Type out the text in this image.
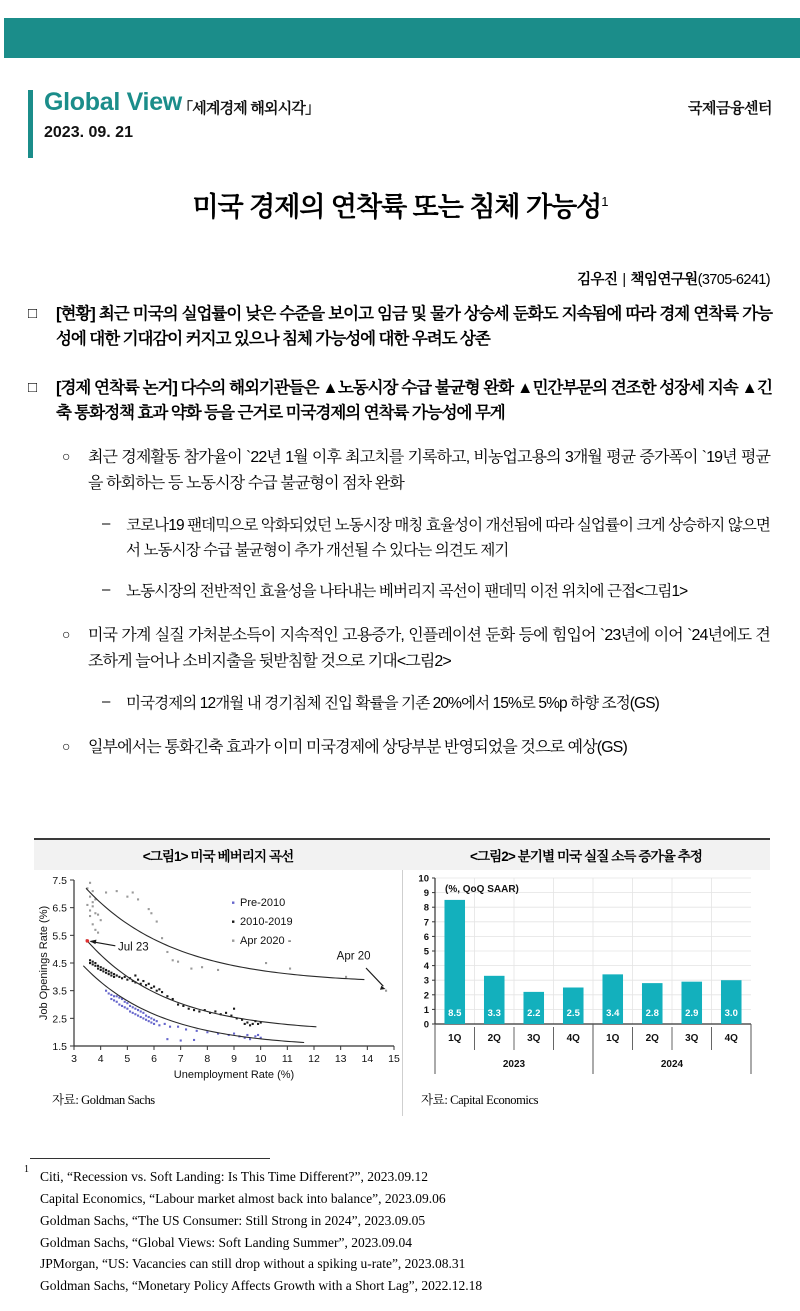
Global View
「세계경제 해외시각」
2023. 09. 21
국제금융센터
미국 경제의 연착륙 또는 침체 가능성$^1$
김우진 | 책임연구원(3705-6241)
□ [현황] 최근 미국의 실업률이 낮은 수준을 보이고 임금 및 물가 상승세 둔화도 지속됨에 따라 경제 연착륙 가능성에 대한 기대감이 커지고 있으나 침체 가능성에 대한 우려도 상존
□ [경제 연착륙 논거] 다수의 해외기관들은 ▲노동시장 수급 불균형 완화 ▲민간부문의 견조한 성장세 지속 ▲긴축 통화정책 효과 약화 등을 근거로 미국경제의 연착륙 가능성에 무게
○ 최근 경제활동 참가율이 `22년 1월 이후 최고치를 기록하고, 비농업고용의 3개월 평균 증가폭이 `19년 평균을 하회하는 등 노동시장 수급 불균형이 점차 완화
– 코로나19 팬데믹으로 악화되었던 노동시장 매칭 효율성이 개선됨에 따라 실업률이 크게 상승하지 않으면서 노동시장 수급 불균형이 추가 개선될 수 있다는 의견도 제기
– 노동시장의 전반적인 효율성을 나타내는 베버리지 곡선이 팬데믹 이전 위치에 근접<그림1>
○ 미국 가계 실질 가처분소득이 지속적인 고용증가, 인플레이션 둔화 등에 힘입어 `23년에 이어 `24년에도 견조하게 늘어나 소비지출을 뒷받침할 것으로 기대<그림2>
– 미국경제의 12개월 내 경기침체 진입 확률을 기존 20%에서 15%로 5%p 하향 조정(GS)
○ 일부에서는 통화긴축 효과가 이미 미국경제에 상당부분 반영되었을 것으로 예상(GS)
<그림1> 미국 베버리지 곡선	<그림2> 분기별 미국 실질 소득 증가율 추정
1.5
2.5
3.5
4.5
5.5
6.5
7.5
3 4 5 6 7 8 9 10 11 12 13 14 15
Unemployment Rate (%)
Job Openings Rate (%)
Pre-2010
2010-2019
Apr 2020 -
Jul 23
Apr 20
자료: Goldman Sachs
0
1
2
3
4
5
6
7
8
9
10
(%, QoQ SAAR)
8.5	3.3	2.2	2.5	3.4	2.8	2.9	3.0
1Q	2Q	3Q	4Q	1Q	2Q	3Q	4Q
2023	2024
자료: Capital Economics
1 Citi, “Recession vs. Soft Landing: Is This Time Different?”, 2023.09.12
Capital Economics, “Labour market almost back into balance”, 2023.09.06
Goldman Sachs, “The US Consumer: Still Strong in 2024”, 2023.09.05
Goldman Sachs, “Global Views: Soft Landing Summer”, 2023.09.04
JPMorgan, “US: Vacancies can still drop without a spiking u-rate”, 2023.08.31
Goldman Sachs, “Monetary Policy Affects Growth with a Short Lag”, 2022.12.18
